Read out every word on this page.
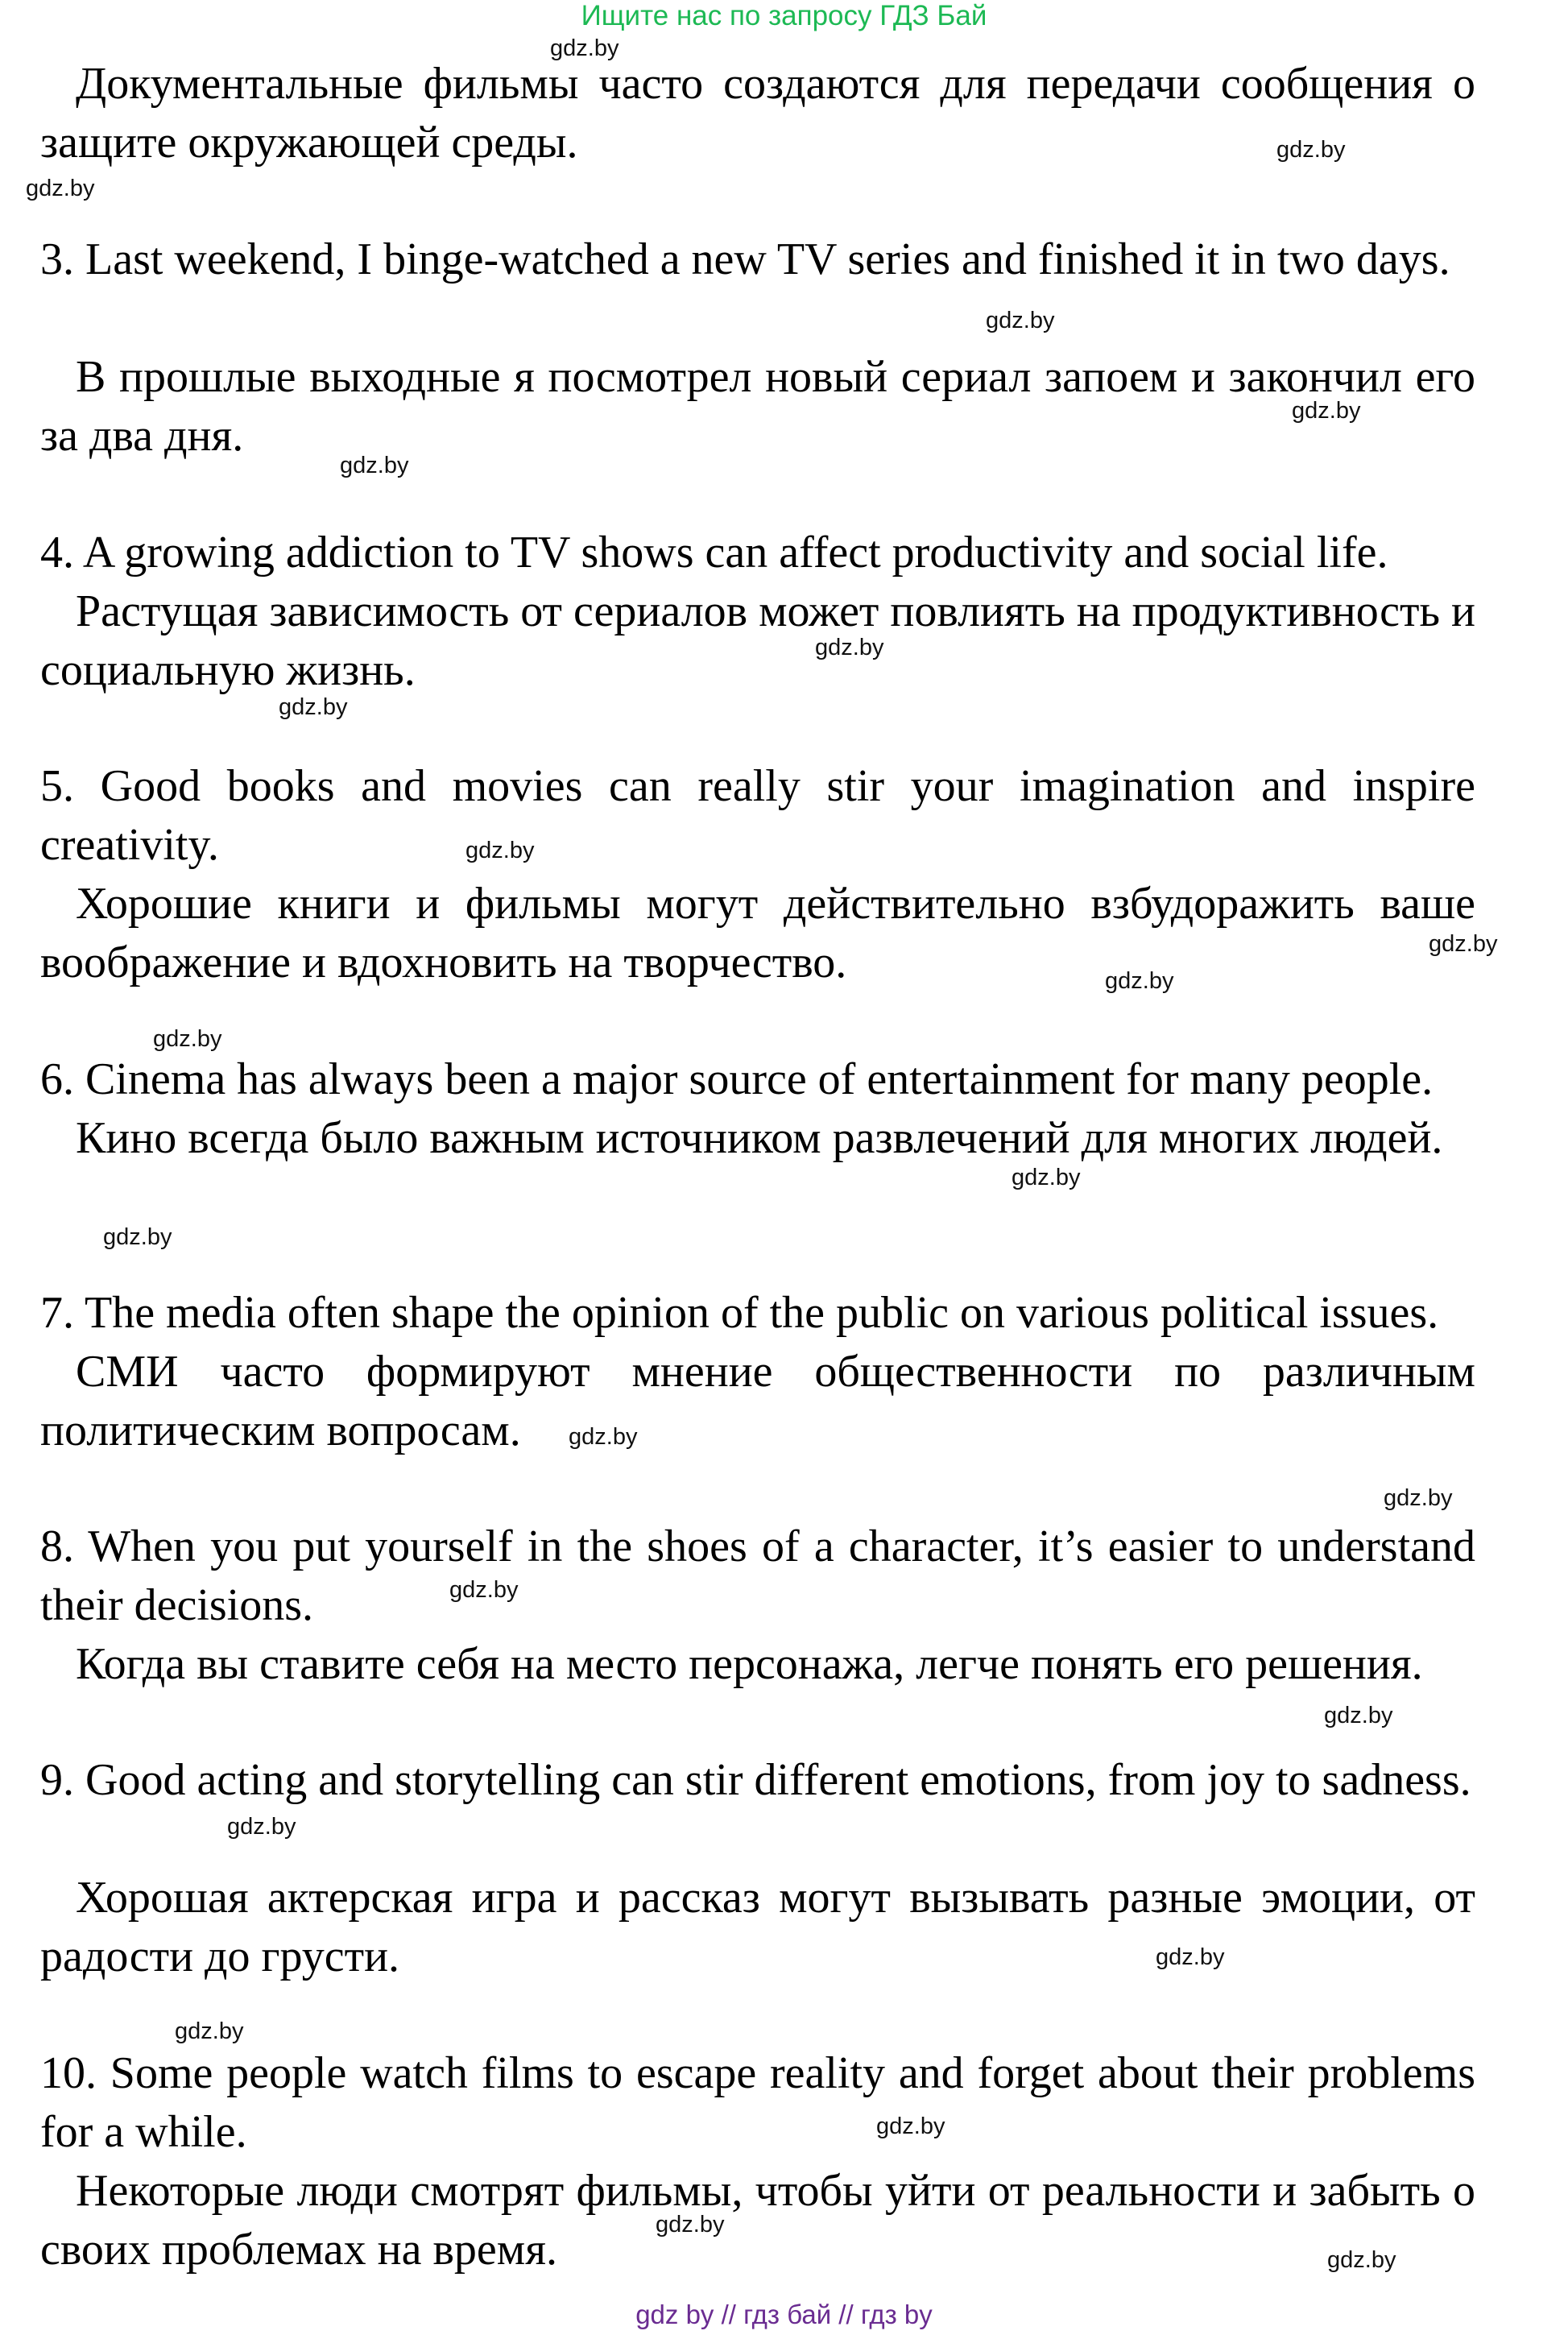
Ищите нас по запросу ГДЗ Бай

Документальные фильмы часто создаются для передачи сообщения о защите окружающей среды.

3. Last weekend, I binge-watched a new TV series and finished it in two days.

В прошлые выходные я посмотрел новый сериал запоем и закончил его за два дня.

4. A growing addiction to TV shows can affect productivity and social life.

Растущая зависимость от сериалов может повлиять на продуктивность и социальную жизнь.

5. Good books and movies can really stir your imagination and inspire creativity.

Хорошие книги и фильмы могут действительно взбудоражить ваше воображение и вдохновить на творчество.

6. Cinema has always been a major source of entertainment for many people.

Кино всегда было важным источником развлечений для многих людей.

7. The media often shape the opinion of the public on various political issues.

СМИ часто формируют мнение общественности по различным политическим вопросам.

8. When you put yourself in the shoes of a character, it’s easier to understand their decisions.

Когда вы ставите себя на место персонажа, легче понять его решения.

9. Good acting and storytelling can stir different emotions, from joy to sadness.

Хорошая актерская игра и рассказ могут вызывать разные эмоции, от радости до грусти.

10. Some people watch films to escape reality and forget about their problems for a while.

Некоторые люди смотрят фильмы, чтобы уйти от реальности и забыть о своих проблемах на время.

gdz.by
gdz.by
gdz.by
gdz.by
gdz.by
gdz.by
gdz.by
gdz.by
gdz.by
gdz.by
gdz.by
gdz.by
gdz.by
gdz.by
gdz.by
gdz.by
gdz.by
gdz.by
gdz.by
gdz.by
gdz.by
gdz.by
gdz.by
gdz.by
gdz by // гдз бай // гдз by
